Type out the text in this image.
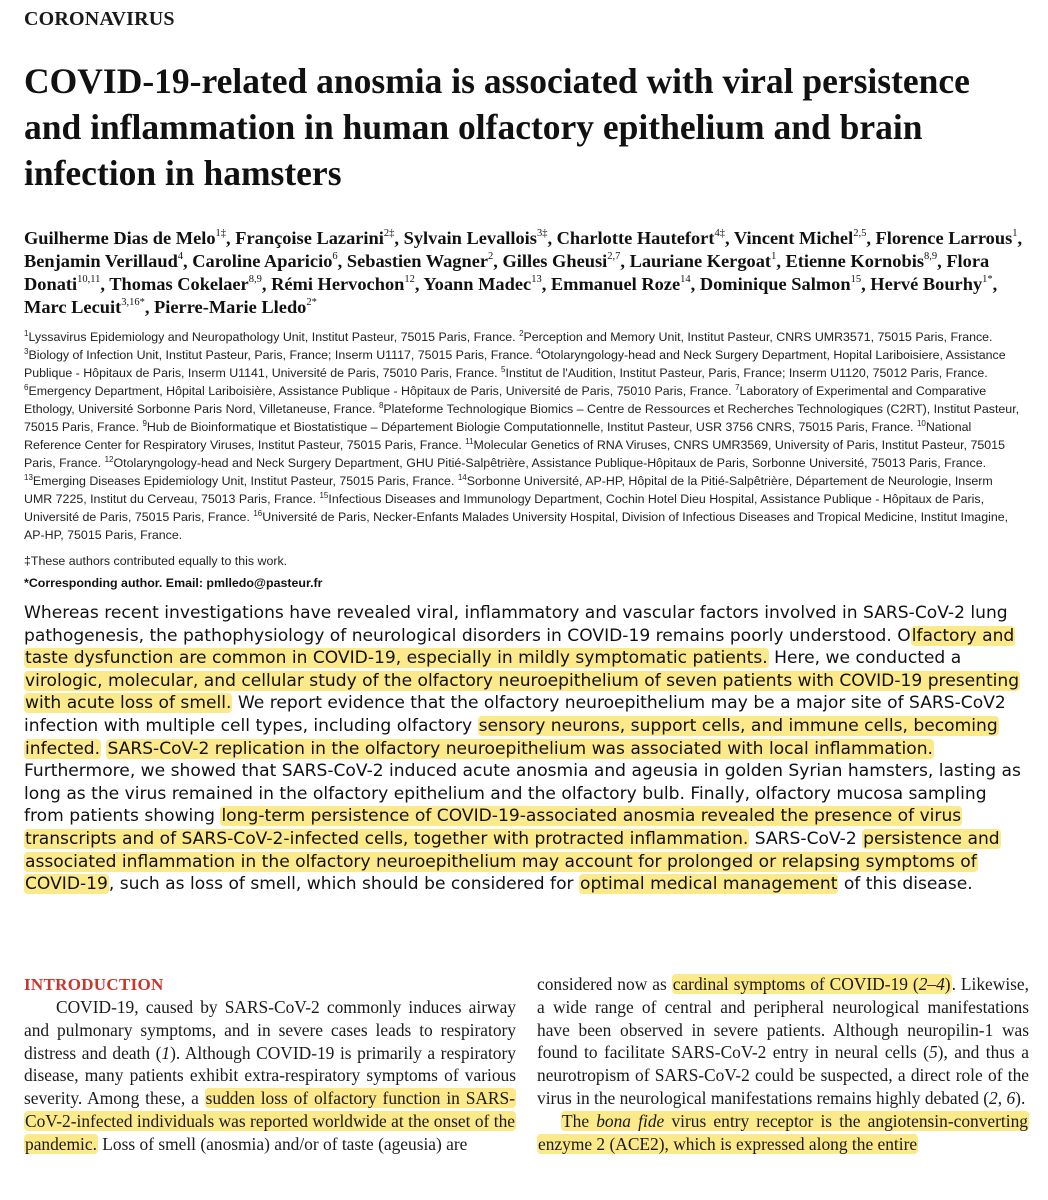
CORONAVIRUS
COVID-19-related anosmia is associated with viral persistence and inflammation in human olfactory epithelium and brain infection in hamsters

Guilherme Dias de Melo$^{1\ddagger}$, Françoise Lazarini$^{2\ddagger}$, Sylvain Levallois$^{3\ddagger}$, Charlotte Hautefort$^{4\ddagger}$, Vincent Michel$^{2,5}$, Florence Larrous$^1$, Benjamin Verillaud$^4$, Caroline Aparicio$^6$, Sebastien Wagner$^2$, Gilles Gheusi$^{2,7}$, Lauriane Kergoat$^1$, Etienne Kornobis$^{8,9}$, Flora Donati$^{10,11}$, Thomas Cokelaer$^{8,9}$, Rémi Hervochon$^{12}$, Yoann Madec$^{13}$, Emmanuel Roze$^{14}$, Dominique Salmon$^{15}$, Hervé Bourhy$^{1*}$, Marc Lecuit$^{3,16*}$, Pierre-Marie Lledo$^{2*}$

$^1$Lyssavirus Epidemiology and Neuropathology Unit, Institut Pasteur, 75015 Paris, France. $^2$Perception and Memory Unit, Institut Pasteur, CNRS UMR3571, 75015 Paris, France. $^3$Biology of Infection Unit, Institut Pasteur, Paris, France; Inserm U1117, 75015 Paris, France. $^4$Otolaryngology-head and Neck Surgery Department, Hopital Lariboisiere, Assistance Publique - Hôpitaux de Paris, Inserm U1141, Université de Paris, 75010 Paris, France. $^5$Institut de l'Audition, Institut Pasteur, Paris, France; Inserm U1120, 75012 Paris, France. $^6$Emergency Department, Hôpital Lariboisière, Assistance Publique - Hôpitaux de Paris, Université de Paris, 75010 Paris, France. $^7$Laboratory of Experimental and Comparative Ethology, Université Sorbonne Paris Nord, Villetaneuse, France. $^8$Plateforme Technologique Biomics – Centre de Ressources et Recherches Technologiques (C2RT), Institut Pasteur, 75015 Paris, France. $^9$Hub de Bioinformatique et Biostatistique – Département Biologie Computationnelle, Institut Pasteur, USR 3756 CNRS, 75015 Paris, France. $^{10}$National Reference Center for Respiratory Viruses, Institut Pasteur, 75015 Paris, France. $^{11}$Molecular Genetics of RNA Viruses, CNRS UMR3569, University of Paris, Institut Pasteur, 75015 Paris, France. $^{12}$Otolaryngology-head and Neck Surgery Department, GHU Pitié-Salpêtrière, Assistance Publique-Hôpitaux de Paris, Sorbonne Université, 75013 Paris, France. $^{13}$Emerging Diseases Epidemiology Unit, Institut Pasteur, 75015 Paris, France. $^{14}$Sorbonne Université, AP-HP, Hôpital de la Pitié-Salpêtrière, Département de Neurologie, Inserm UMR 7225, Institut du Cerveau, 75013 Paris, France. $^{15}$Infectious Diseases and Immunology Department, Cochin Hotel Dieu Hospital, Assistance Publique - Hôpitaux de Paris, Université de Paris, 75015 Paris, France. $^{16}$Université de Paris, Necker-Enfants Malades University Hospital, Division of Infectious Diseases and Tropical Medicine, Institut Imagine, AP-HP, 75015 Paris, France.

‡These authors contributed equally to this work.
*Corresponding author. Email: pmlledo@pasteur.fr

Whereas recent investigations have revealed viral, inflammatory and vascular factors involved in SARS-CoV-2 lung pathogenesis, the pathophysiology of neurological disorders in COVID-19 remains poorly understood. Olfactory and taste dysfunction are common in COVID-19, especially in mildly symptomatic patients. Here, we conducted a virologic, molecular, and cellular study of the olfactory neuroepithelium of seven patients with COVID-19 presenting with acute loss of smell. We report evidence that the olfactory neuroepithelium may be a major site of SARS-CoV2 infection with multiple cell types, including olfactory sensory neurons, support cells, and immune cells, becoming infected. SARS-CoV-2 replication in the olfactory neuroepithelium was associated with local inflammation. Furthermore, we showed that SARS-CoV-2 induced acute anosmia and ageusia in golden Syrian hamsters, lasting as long as the virus remained in the olfactory epithelium and the olfactory bulb. Finally, olfactory mucosa sampling from patients showing long-term persistence of COVID-19-associated anosmia revealed the presence of virus transcripts and of SARS-CoV-2-infected cells, together with protracted inflammation. SARS-CoV-2 persistence and associated inflammation in the olfactory neuroepithelium may account for prolonged or relapsing symptoms of COVID-19, such as loss of smell, which should be considered for optimal medical management of this disease.

INTRODUCTION

COVID-19, caused by SARS-CoV-2 commonly induces airway and pulmonary symptoms, and in severe cases leads to respiratory distress and death (1). Although COVID-19 is primarily a respiratory disease, many patients exhibit extra-respiratory symptoms of various severity. Among these, a sudden loss of olfactory function in SARS-CoV-2-infected individuals was reported worldwide at the onset of the pandemic. Loss of smell (anosmia) and/or of taste (ageusia) are

considered now as cardinal symptoms of COVID-19 (2–4). Likewise, a wide range of central and peripheral neurological manifestations have been observed in severe patients. Although neuropilin-1 was found to facilitate SARS-CoV-2 entry in neural cells (5), and thus a neurotropism of SARS-CoV-2 could be suspected, a direct role of the virus in the neurological manifestations remains highly debated (2, 6).
The bona fide virus entry receptor is the angiotensin-converting enzyme 2 (ACE2), which is expressed along the entire
